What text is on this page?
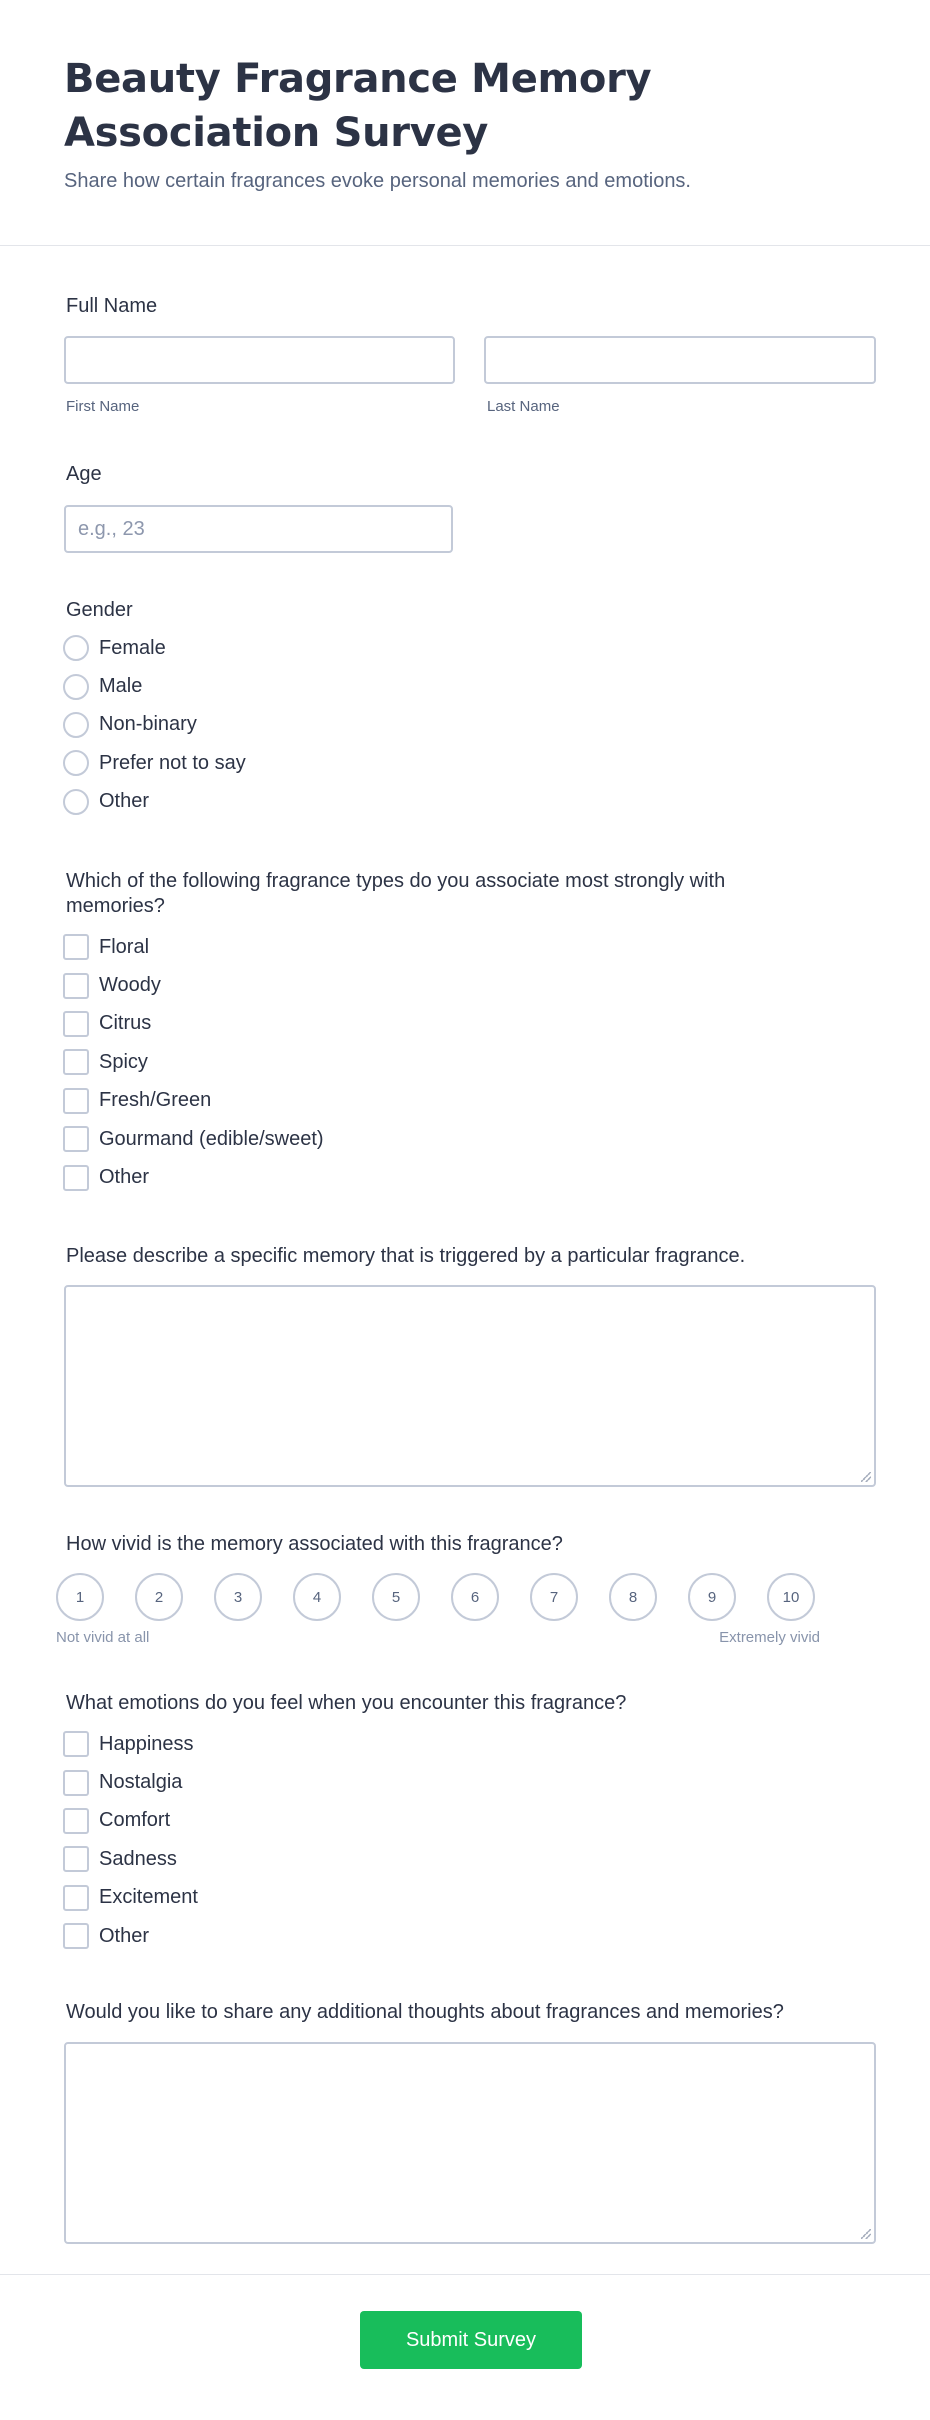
Beauty Fragrance Memory Association Survey

Share how certain fragrances evoke personal memories and emotions.

Full Name
First Name	Last Name
Age
e.g., 23
Gender
Female
Male
Non-binary
Prefer not to say
Other
Which of the following fragrance types do you associate most strongly with memories?
Floral
Woody
Citrus
Spicy
Fresh/Green
Gourmand (edible/sweet)
Other
Please describe a specific memory that is triggered by a particular fragrance.
How vivid is the memory associated with this fragrance?
1	2	3	4	5	6	7	8	9	10
Not vivid at all	Extremely vivid
What emotions do you feel when you encounter this fragrance?
Happiness
Nostalgia
Comfort
Sadness
Excitement
Other
Would you like to share any additional thoughts about fragrances and memories?
Submit Survey
